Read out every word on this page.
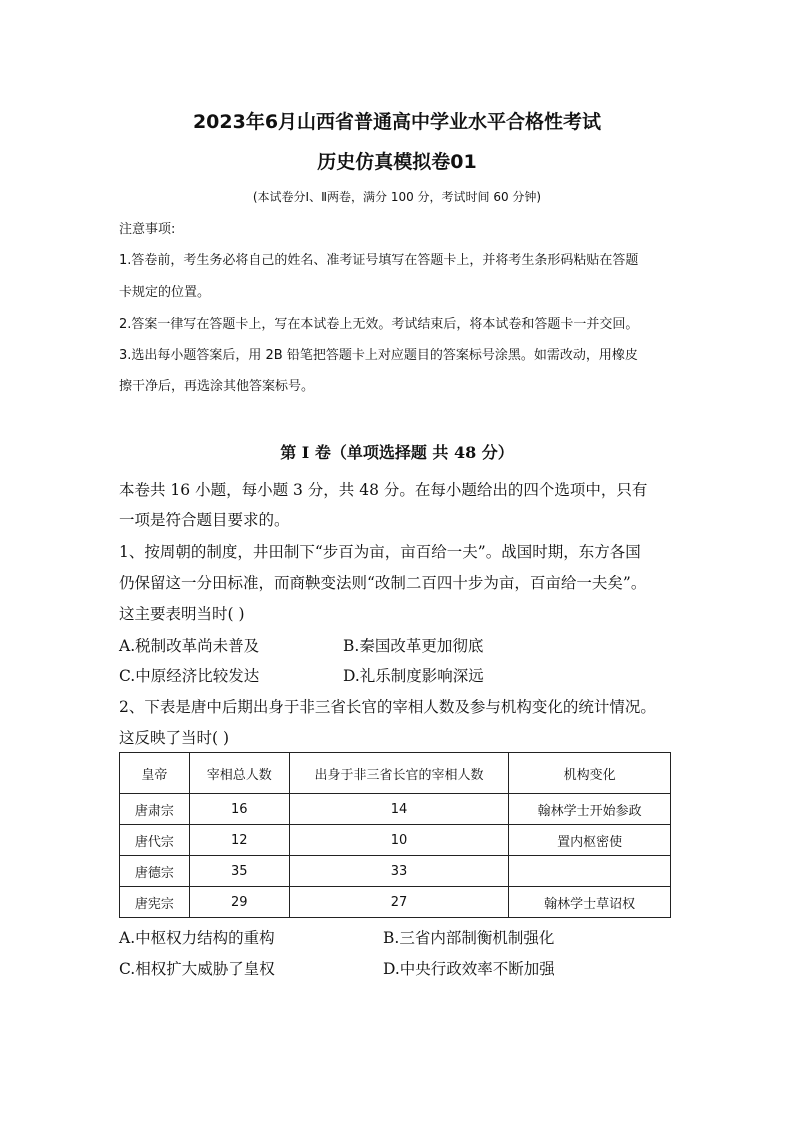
2023年6月山西省普通高中学业水平合格性考试
历史仿真模拟卷01
(本试卷分Ⅰ、Ⅱ两卷，满分 100 分，考试时间 60 分钟)
注意事项:
1.答卷前，考生务必将自己的姓名、准考证号填写在答题卡上，并将考生条形码粘贴在答题
卡规定的位置。
2.答案一律写在答题卡上，写在本试卷上无效。考试结束后，将本试卷和答题卡一并交回。
3.选出每小题答案后，用 2B 铅笔把答题卡上对应题目的答案标号涂黑。如需改动，用橡皮
擦干净后，再选涂其他答案标号。
第 I 卷（单项选择题 共 48 分）
本卷共 16 小题，每小题 3 分，共 48 分。在每小题给出的四个选项中，只有
一项是符合题目要求的。
1、按周朝的制度，井田制下“步百为亩，亩百给一夫”。战国时期，东方各国
仍保留这一分田标准，而商鞅变法则“改制二百四十步为亩，百亩给一夫矣”。
这主要表明当时( )
A.税制改革尚未普及	B.秦国改革更加彻底
C.中原经济比较发达	D.礼乐制度影响深远
2、下表是唐中后期出身于非三省长官的宰相人数及参与机构变化的统计情况。
这反映了当时( )
皇帝	宰相总人数	出身于非三省长官的宰相人数	机构变化
唐肃宗	16	14	翰林学士开始参政
唐代宗	12	10	置内枢密使
唐德宗	35	33	
唐宪宗	29	27	翰林学士草诏权
A.中枢权力结构的重构	B.三省内部制衡机制强化
C.相权扩大威胁了皇权	D.中央行政效率不断加强
